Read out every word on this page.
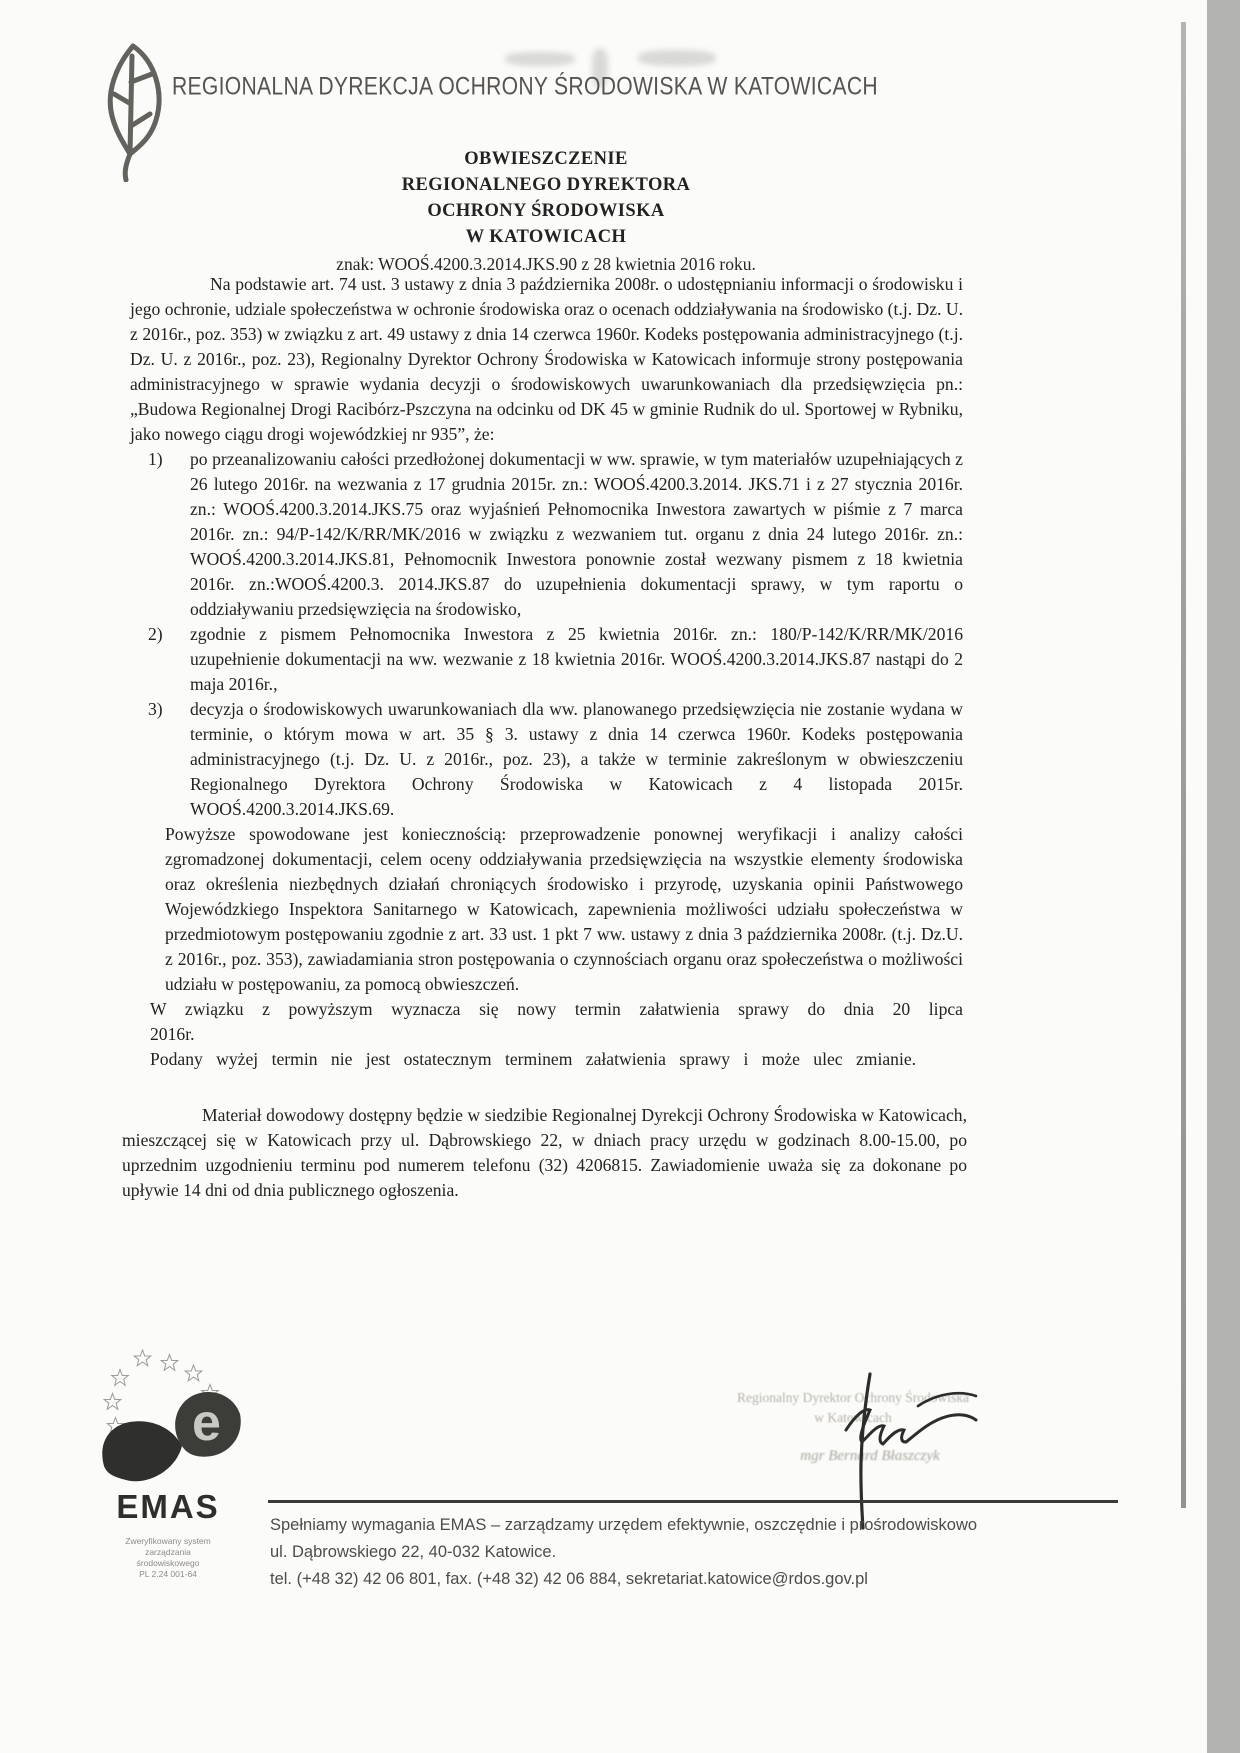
REGIONALNA DYREKCJA OCHRONY ŚRODOWISKA W KATOWICACH
OBWIESZCZENIE
REGIONALNEGO DYREKTORA
OCHRONY ŚRODOWISKA
W KATOWICACH
znak: WOOŚ.4200.3.2014.JKS.90 z 28 kwietnia 2016 roku.

Na podstawie art. 74 ust. 3 ustawy z dnia 3 października 2008r. o udostępnianiu informacji o środowisku i jego ochronie, udziale społeczeństwa w ochronie środowiska oraz o ocenach oddziaływania na środowisko (t.j. Dz. U. z 2016r., poz. 353) w związku z art. 49 ustawy z dnia 14 czerwca 1960r. Kodeks postępowania administracyjnego (t.j. Dz. U. z 2016r., poz. 23), Regionalny Dyrektor Ochrony Środowiska w Katowicach informuje strony postępowania administracyjnego w sprawie wydania decyzji o środowiskowych uwarunkowaniach dla przedsięwzięcia pn.: „Budowa Regionalnej Drogi Racibórz-Pszczyna na odcinku od DK 45 w gminie Rudnik do ul. Sportowej w Rybniku, jako nowego ciągu drogi wojewódzkiej nr 935”, że:

1)	po przeanalizowaniu całości przedłożonej dokumentacji w ww. sprawie, w tym materiałów uzupełniających z 26 lutego 2016r. na wezwania z 17 grudnia 2015r. zn.: WOOŚ.4200.3.2014. JKS.71 i z 27 stycznia 2016r. zn.: WOOŚ.4200.3.2014.JKS.75 oraz wyjaśnień Pełnomocnika Inwestora zawartych w piśmie z 7 marca 2016r. zn.: 94/P-142/K/RR/MK/2016 w związku z wezwaniem tut. organu z dnia 24 lutego 2016r. zn.: WOOŚ.4200.3.2014.JKS.81, Pełnomocnik Inwestora ponownie został wezwany pismem z 18 kwietnia 2016r. zn.:WOOŚ.4200.3. 2014.JKS.87 do uzupełnienia dokumentacji sprawy, w tym raportu o oddziaływaniu przedsięwzięcia na środowisko,
2)	zgodnie z pismem Pełnomocnika Inwestora z 25 kwietnia 2016r. zn.: 180/P-142/K/RR/MK/2016 uzupełnienie dokumentacji na ww. wezwanie z 18 kwietnia 2016r. WOOŚ.4200.3.2014.JKS.87 nastąpi do 2 maja 2016r.,
3)	decyzja o środowiskowych uwarunkowaniach dla ww. planowanego przedsięwzięcia nie zostanie wydana w terminie, o którym mowa w art. 35 § 3. ustawy z dnia 14 czerwca 1960r. Kodeks postępowania administracyjnego (t.j. Dz. U. z 2016r., poz. 23), a także w terminie zakreślonym w obwieszczeniu Regionalnego Dyrektora Ochrony Środowiska w Katowicach z 4 listopada 2015r. WOOŚ.4200.3.2014.JKS.69.

Powyższe spowodowane jest koniecznością: przeprowadzenie ponownej weryfikacji i analizy całości zgromadzonej dokumentacji, celem oceny oddziaływania przedsięwzięcia na wszystkie elementy środowiska oraz określenia niezbędnych działań chroniących środowisko i przyrodę, uzyskania opinii Państwowego Wojewódzkiego Inspektora Sanitarnego w Katowicach, zapewnienia możliwości udziału społeczeństwa w przedmiotowym postępowaniu zgodnie z art. 33 ust. 1 pkt 7 ww. ustawy z dnia 3 października 2008r. (t.j. Dz.U. z 2016r., poz. 353), zawiadamiania stron postępowania o czynnościach organu oraz społeczeństwa o możliwości udziału w postępowaniu, za pomocą obwieszczeń.

W związku z powyższym wyznacza się nowy termin załatwienia sprawy do dnia 20 lipca 2016r.

Podany wyżej termin nie jest ostatecznym terminem załatwienia sprawy i może ulec zmianie.

Materiał dowodowy dostępny będzie w siedzibie Regionalnej Dyrekcji Ochrony Środowiska w Katowicach, mieszczącej się w Katowicach przy ul. Dąbrowskiego 22, w dniach pracy urzędu w godzinach 8.00-15.00, po uprzednim uzgodnieniu terminu pod numerem telefonu (32) 4206815. Zawiadomienie uważa się za dokonane po upływie 14 dni od dnia publicznego ogłoszenia.

Regionalny Dyrektor Ochrony Środowiska
w Katowicach
mgr Bernard Błaszczyk
e
EMAS
Zweryfikowany system
zarządzania
środowiskowego
PL 2.24 001-64
Spełniamy wymagania EMAS – zarządzamy urzędem efektywnie, oszczędnie i prośrodowiskowo
ul. Dąbrowskiego 22, 40-032 Katowice.
tel. (+48 32) 42 06 801, fax. (+48 32) 42 06 884, sekretariat.katowice@rdos.gov.pl
